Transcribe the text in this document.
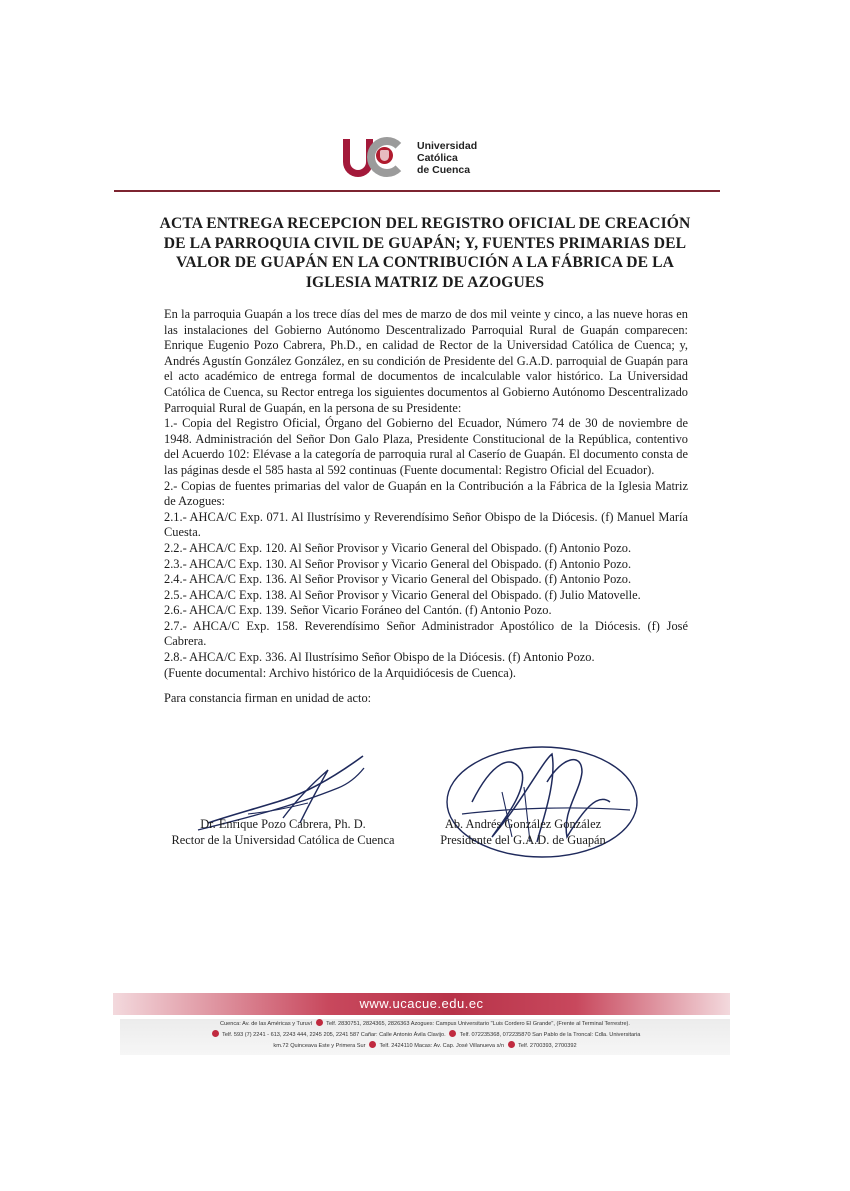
Universidad
Católica
de Cuenca
ACTA ENTREGA RECEPCION DEL REGISTRO OFICIAL DE CREACIÓN DE LA PARROQUIA CIVIL DE GUAPÁN; Y, FUENTES PRIMARIAS DEL VALOR DE GUAPÁN EN LA CONTRIBUCIÓN A LA FÁBRICA DE LA IGLESIA MATRIZ DE AZOGUES

En la parroquia Guapán a los trece días del mes de marzo de dos mil veinte y cinco, a las nueve horas en las instalaciones del Gobierno Autónomo Descentralizado Parroquial Rural de Guapán comparecen: Enrique Eugenio Pozo Cabrera, Ph.D., en calidad de Rector de la Universidad Católica de Cuenca; y, Andrés Agustín González González, en su condición de Presidente del G.A.D. parroquial de Guapán para el acto académico de entrega formal de documentos de incalculable valor histórico. La Universidad Católica de Cuenca, su Rector entrega los siguientes documentos al Gobierno Autónomo Descentralizado Parroquial Rural de Guapán, en la persona de su Presidente:

1.- Copia del Registro Oficial, Órgano del Gobierno del Ecuador, Número 74 de 30 de noviembre de 1948. Administración del Señor Don Galo Plaza, Presidente Constitucional de la República, contentivo del Acuerdo 102: Elévase a la categoría de parroquia rural al Caserío de Guapán. El documento consta de las páginas desde el 585 hasta al 592 continuas (Fuente documental: Registro Oficial del Ecuador).

2.- Copias de fuentes primarias del valor de Guapán en la Contribución a la Fábrica de la Iglesia Matriz de Azogues:

2.1.- AHCA/C Exp. 071. Al Ilustrísimo y Reverendísimo Señor Obispo de la Diócesis. (f) Manuel María Cuesta.

2.2.- AHCA/C Exp. 120. Al Señor Provisor y Vicario General del Obispado. (f) Antonio Pozo.

2.3.- AHCA/C Exp. 130. Al Señor Provisor y Vicario General del Obispado. (f) Antonio Pozo.

2.4.- AHCA/C Exp. 136. Al Señor Provisor y Vicario General del Obispado. (f) Antonio Pozo.

2.5.- AHCA/C Exp. 138. Al Señor Provisor y Vicario General del Obispado. (f) Julio Matovelle.

2.6.- AHCA/C Exp. 139. Señor Vicario Foráneo del Cantón. (f) Antonio Pozo.

2.7.- AHCA/C Exp. 158. Reverendísimo Señor Administrador Apostólico de la Diócesis. (f) José Cabrera.

2.8.- AHCA/C Exp. 336. Al Ilustrísimo Señor Obispo de la Diócesis. (f) Antonio Pozo.

(Fuente documental: Archivo histórico de la Arquidiócesis de Cuenca).

Para constancia firman en unidad de acto:

Dr. Enrique Pozo Cabrera, Ph. D.
Rector de la Universidad Católica de Cuenca
Ab. Andrés González González
Presidente del G.A.D. de Guapán
www.ucacue.edu.ec
Cuenca: Av. de las Américas y Turuví	Telf. 2830751, 2824365, 2826363 Azogues: Campus Universitario "Luis Cordero El Grande", (Frente al Terminal Terrestre).
Telf. 593 (7) 2241 - 613, 2243 444, 2245 205, 2241 587 Cañar: Calle Antonio Ávila Clavijo.	Telf. 072235368, 072235870 San Pablo de la Troncal: Cdla. Universitaria
km.72 Quinceava Este y Primera Sur	Telf. 2424110 Macas: Av. Cap. José Villanueva s/n	Telf. 2700393, 2700392
